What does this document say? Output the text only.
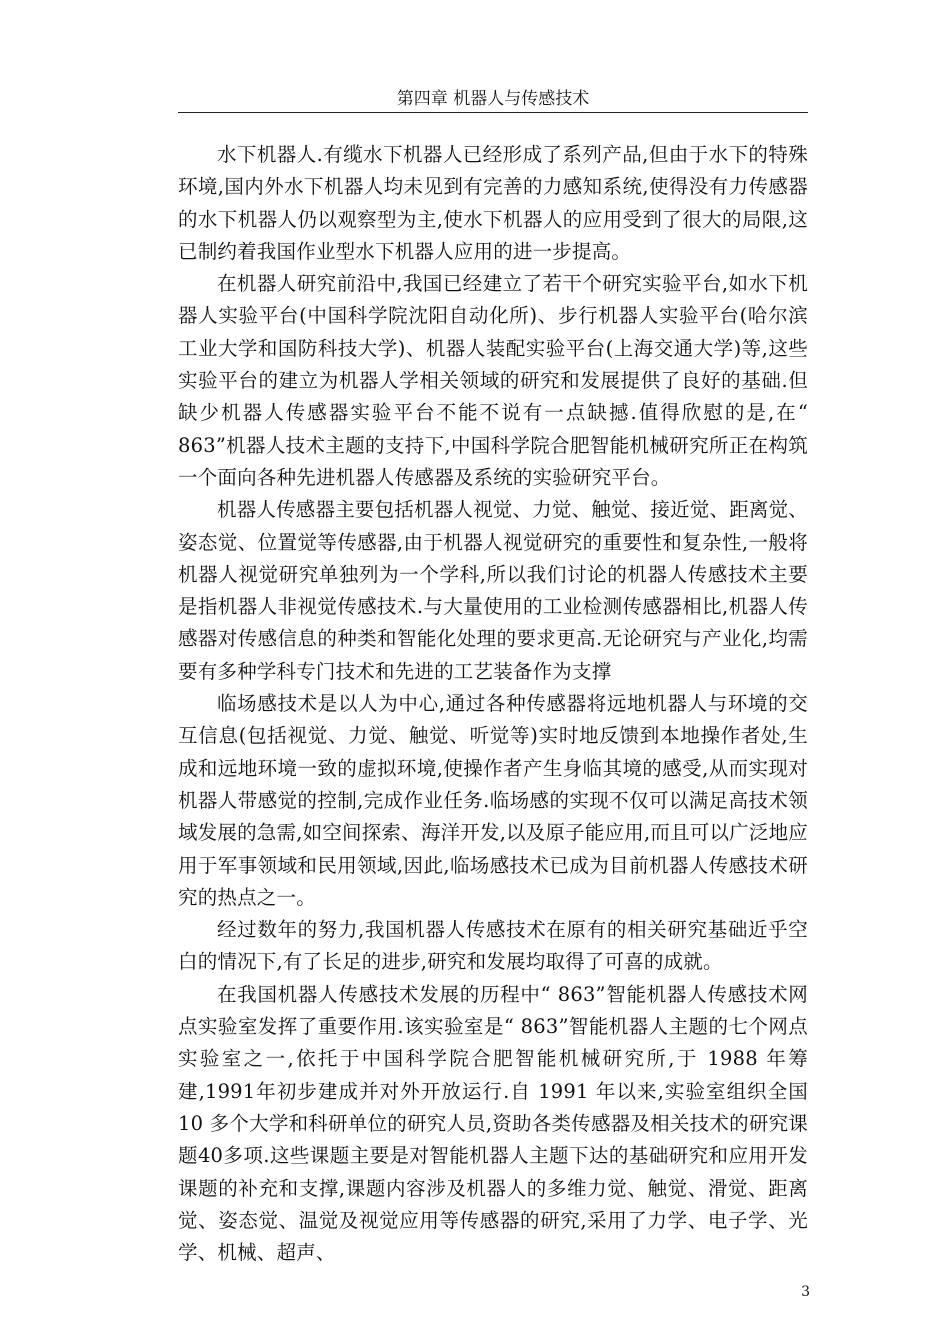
第四章 机器人与传感技术

水下机器人.有缆水下机器人已经形成了系列产品,但由于水下的特殊环境,国内外水下机器人均未见到有完善的力感知系统,使得没有力传感器的水下机器人仍以观察型为主,使水下机器人的应用受到了很大的局限,这已制约着我国作业型水下机器人应用的进一步提高。

在机器人研究前沿中,我国已经建立了若干个研究实验平台,如水下机器人实验平台(中国科学院沈阳自动化所)、步行机器人实验平台(哈尔滨工业大学和国防科技大学)、机器人装配实验平台(上海交通大学)等,这些实验平台的建立为机器人学相关领域的研究和发展提供了良好的基础.但缺少机器人传感器实验平台不能不说有一点缺撼.值得欣慰的是,在“ 863”机器人技术主题的支持下,中国科学院合肥智能机械研究所正在构筑一个面向各种先进机器人传感器及系统的实验研究平台。

机器人传感器主要包括机器人视觉、力觉、触觉、接近觉、距离觉、姿态觉、位置觉等传感器,由于机器人视觉研究的重要性和复杂性,一般将机器人视觉研究单独列为一个学科,所以我们讨论的机器人传感技术主要是指机器人非视觉传感技术.与大量使用的工业检测传感器相比,机器人传感器对传感信息的种类和智能化处理的要求更高.无论研究与产业化,均需要有多种学科专门技术和先进的工艺装备作为支撑

临场感技术是以人为中心,通过各种传感器将远地机器人与环境的交互信息(包括视觉、力觉、触觉、听觉等)实时地反馈到本地操作者处,生成和远地环境一致的虚拟环境,使操作者产生身临其境的感受,从而实现对机器人带感觉的控制,完成作业任务.临场感的实现不仅可以满足高技术领域发展的急需,如空间探索、海洋开发,以及原子能应用,而且可以广泛地应用于军事领域和民用领域,因此,临场感技术已成为目前机器人传感技术研究的热点之一。

经过数年的努力,我国机器人传感技术在原有的相关研究基础近乎空白的情况下,有了长足的进步,研究和发展均取得了可喜的成就。

在我国机器人传感技术发展的历程中“ 863”智能机器人传感技术网点实验室发挥了重要作用.该实验室是“ 863”智能机器人主题的七个网点实验室之一,依托于中国科学院合肥智能机械研究所,于 1988 年筹建,1991年初步建成并对外开放运行.自 1991 年以来,实验室组织全国 10 多个大学和科研单位的研究人员,资助各类传感器及相关技术的研究课题40多项.这些课题主要是对智能机器人主题下达的基础研究和应用开发课题的补充和支撑,课题内容涉及机器人的多维力觉、触觉、滑觉、距离觉、姿态觉、温觉及视觉应用等传感器的研究,采用了力学、电子学、光学、机械、超声、

3
